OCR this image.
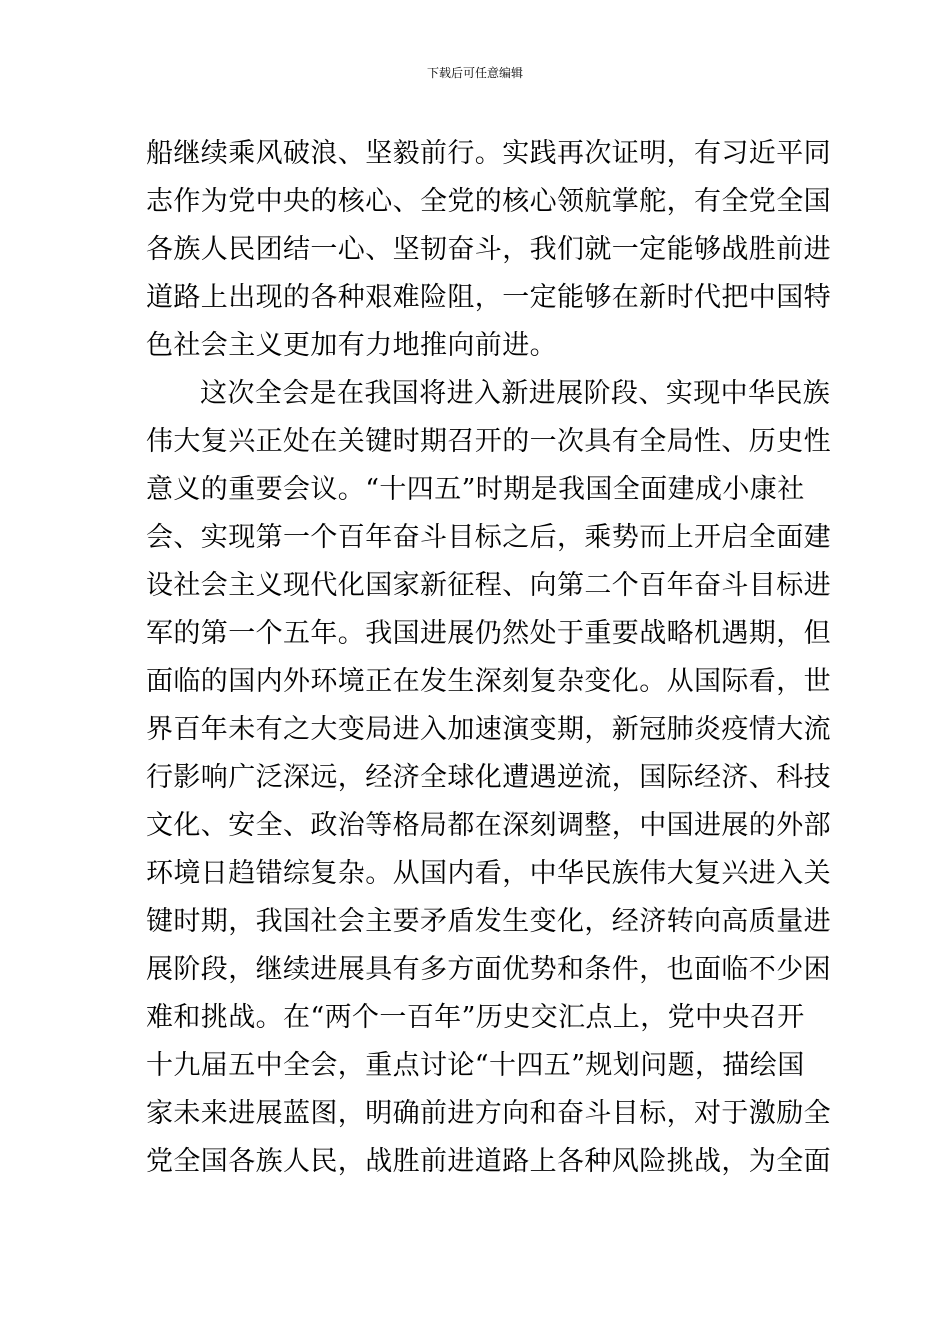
下载后可任意编辑
船继续乘风破浪、坚毅前行。实践再次证明，有习近平同
志作为党中央的核心、全党的核心领航掌舵，有全党全国
各族人民团结一心、坚韧奋斗，我们就一定能够战胜前进
道路上出现的各种艰难险阻，一定能够在新时代把中国特
色社会主义更加有力地推向前进。
这次全会是在我国将进入新进展阶段、实现中华民族
伟大复兴正处在关键时期召开的一次具有全局性、历史性
意义的重要会议。“十四五”时期是我国全面建成小康社
会、实现第一个百年奋斗目标之后，乘势而上开启全面建
设社会主义现代化国家新征程、向第二个百年奋斗目标进
军的第一个五年。我国进展仍然处于重要战略机遇期，但
面临的国内外环境正在发生深刻复杂变化。从国际看，世
界百年未有之大变局进入加速演变期，新冠肺炎疫情大流
行影响广泛深远，经济全球化遭遇逆流，国际经济、科技
文化、安全、政治等格局都在深刻调整，中国进展的外部
环境日趋错综复杂。从国内看，中华民族伟大复兴进入关
键时期，我国社会主要矛盾发生变化，经济转向高质量进
展阶段，继续进展具有多方面优势和条件，也面临不少困
难和挑战。在“两个一百年”历史交汇点上，党中央召开
十九届五中全会，重点讨论“十四五”规划问题，描绘国
家未来进展蓝图，明确前进方向和奋斗目标，对于激励全
党全国各族人民，战胜前进道路上各种风险挑战，为全面
